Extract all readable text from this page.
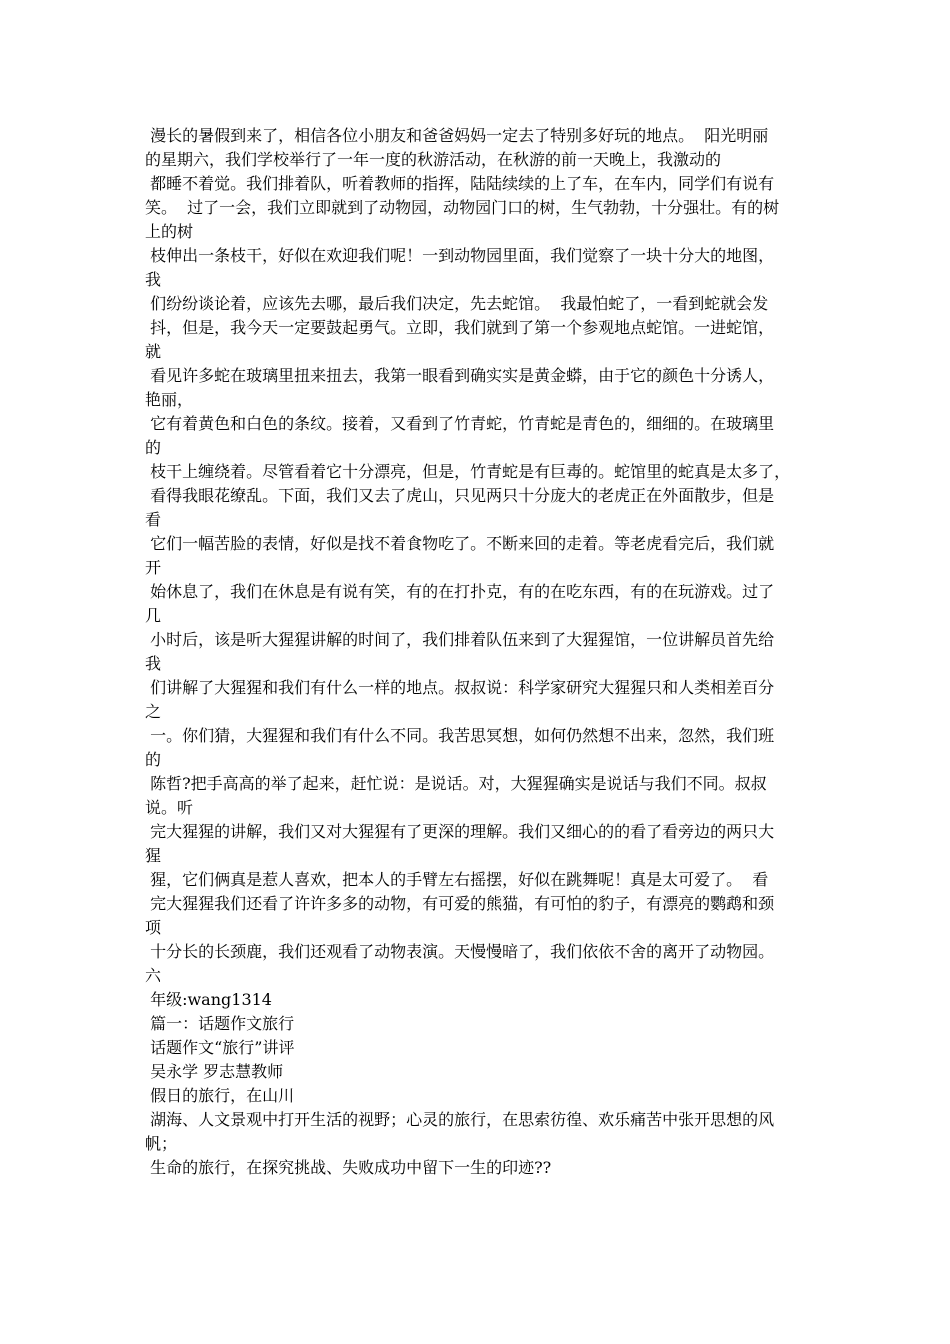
漫长的暑假到来了，相信各位小朋友和爸爸妈妈一定去了特别多好玩的地点。  阳光明丽
的星期六，我们学校举行了一年一度的秋游活动，在秋游的前一天晚上，我激动的
都睡不着觉。我们排着队，听着教师的指挥，陆陆续续的上了车，在车内，同学们有说有
笑。  过了一会，我们立即就到了动物园，动物园门口的树，生气勃勃，十分强壮。有的树
上的树
枝伸出一条枝干，好似在欢迎我们呢！一到动物园里面，我们觉察了一块十分大的地图，
我
们纷纷谈论着，应该先去哪，最后我们决定，先去蛇馆。  我最怕蛇了，一看到蛇就会发
抖，但是，我今天一定要鼓起勇气。立即，我们就到了第一个参观地点蛇馆。一进蛇馆，
就
看见许多蛇在玻璃里扭来扭去，我第一眼看到确实实是黄金蟒，由于它的颜色十分诱人，
艳丽，
它有着黄色和白色的条纹。接着，又看到了竹青蛇，竹青蛇是青色的，细细的。在玻璃里
的
枝干上缠绕着。尽管看着它十分漂亮，但是，竹青蛇是有巨毒的。蛇馆里的蛇真是太多了，
看得我眼花缭乱。下面，我们又去了虎山，只见两只十分庞大的老虎正在外面散步，但是
看
它们一幅苦脸的表情，好似是找不着食物吃了。不断来回的走着。等老虎看完后，我们就
开
始休息了，我们在休息是有说有笑，有的在打扑克，有的在吃东西，有的在玩游戏。过了
几
小时后，该是听大猩猩讲解的时间了，我们排着队伍来到了大猩猩馆，一位讲解员首先给
我
们讲解了大猩猩和我们有什么一样的地点。叔叔说：科学家研究大猩猩只和人类相差百分
之
一。你们猜，大猩猩和我们有什么不同。我苦思冥想，如何仍然想不出来，忽然，我们班
的
陈哲?把手高高的举了起来，赶忙说：是说话。对，大猩猩确实是说话与我们不同。叔叔
说。听
完大猩猩的讲解，我们又对大猩猩有了更深的理解。我们又细心的的看了看旁边的两只大
猩
猩，它们俩真是惹人喜欢，把本人的手臂左右摇摆，好似在跳舞呢！真是太可爱了。  看
完大猩猩我们还看了许许多多的动物，有可爱的熊猫，有可怕的豹子，有漂亮的鹦鹉和颈
项
十分长的长颈鹿，我们还观看了动物表演。天慢慢暗了，我们依依不舍的离开了动物园。
六
年级:wang1314
篇一：话题作文旅行
话题作文“旅行”讲评
吴永学 罗志慧教师
假日的旅行，在山川
湖海、人文景观中打开生活的视野；心灵的旅行，在思索彷徨、欢乐痛苦中张开思想的风
帆；
生命的旅行，在探究挑战、失败成功中留下一生的印迹??
